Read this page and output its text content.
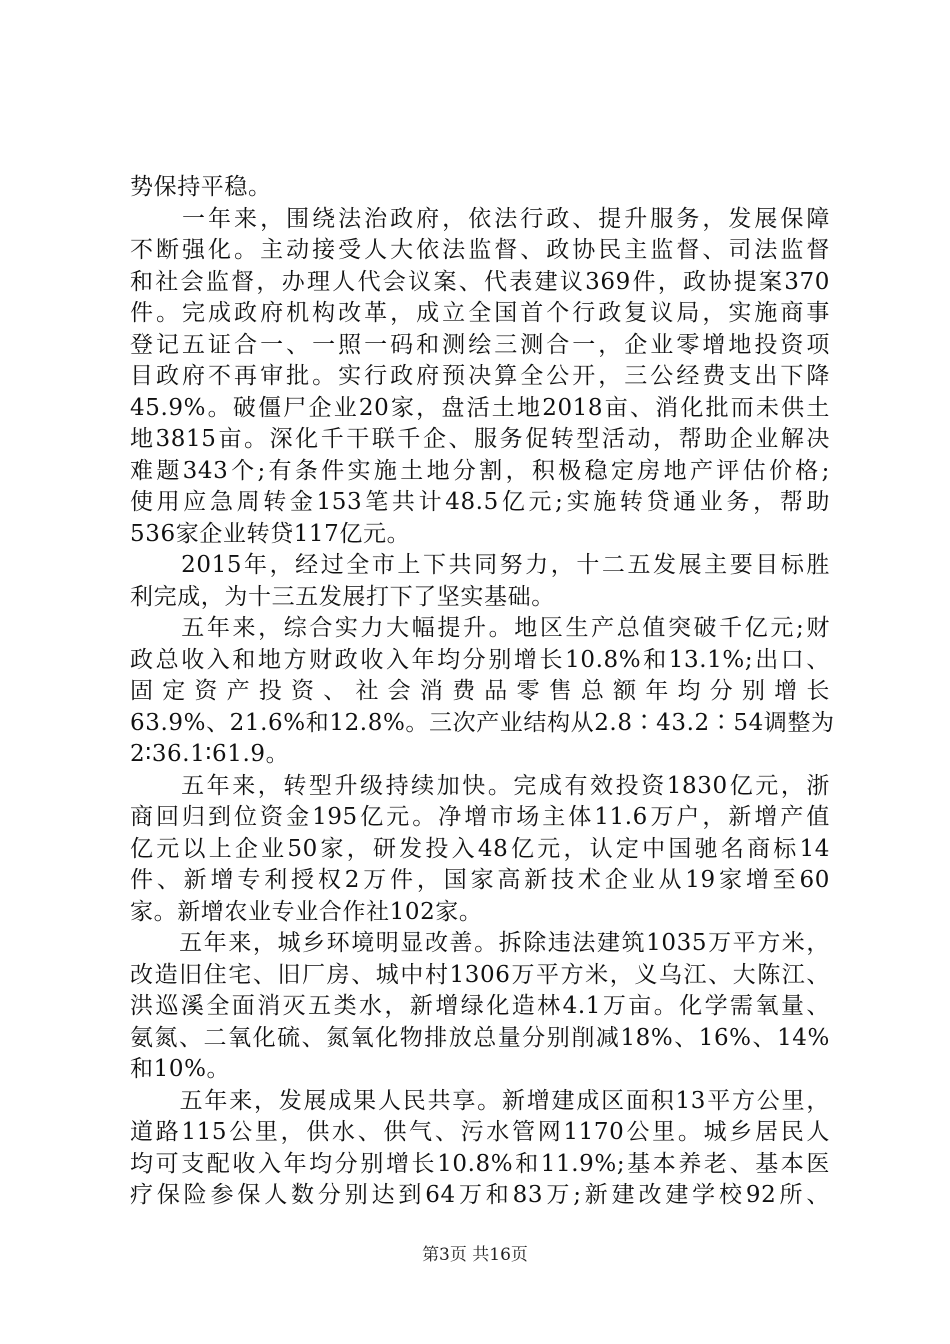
势保持平稳。
　　一年来，围绕法治政府，依法行政、提升服务，发展保障
不断强化。主动接受人大依法监督、政协民主监督、司法监督
和社会监督，办理人代会议案、代表建议369件，政协提案370
件。完成政府机构改革，成立全国首个行政复议局，实施商事
登记五证合一、一照一码和测绘三测合一，企业零增地投资项
目政府不再审批。实行政府预决算全公开，三公经费支出下降
45.9%。破僵尸企业20家，盘活土地2018亩、消化批而未供土
地3815亩。深化千干联千企、服务促转型活动，帮助企业解决
难题343个;有条件实施土地分割，积极稳定房地产评估价格;
使用应急周转金153笔共计48.5亿元;实施转贷通业务，帮助
536家企业转贷117亿元。
　　2015年，经过全市上下共同努力，十二五发展主要目标胜
利完成，为十三五发展打下了坚实基础。
　　五年来，综合实力大幅提升。地区生产总值突破千亿元;财
政总收入和地方财政收入年均分别增长10.8%和13.1%;出口、
固定资产投资、社会消费品零售总额年均分别增长
63.9%、21.6%和12.8%。三次产业结构从2.8∶43.2∶54调整为
2∶36.1∶61.9。
　　五年来，转型升级持续加快。完成有效投资1830亿元，浙
商回归到位资金195亿元。净增市场主体11.6万户，新增产值
亿元以上企业50家，研发投入48亿元，认定中国驰名商标14
件、新增专利授权2万件，国家高新技术企业从19家增至60
家。新增农业专业合作社102家。
　　五年来，城乡环境明显改善。拆除违法建筑1035万平方米，
改造旧住宅、旧厂房、城中村1306万平方米，义乌江、大陈江、
洪巡溪全面消灭五类水，新增绿化造林4.1万亩。化学需氧量、
氨氮、二氧化硫、氮氧化物排放总量分别削减18%、16%、14%
和10%。
　　五年来，发展成果人民共享。新增建成区面积13平方公里，
道路115公里，供水、供气、污水管网1170公里。城乡居民人
均可支配收入年均分别增长10.8%和11.9%;基本养老、基本医
疗保险参保人数分别达到64万和83万;新建改建学校92所、
第3页 共16页
